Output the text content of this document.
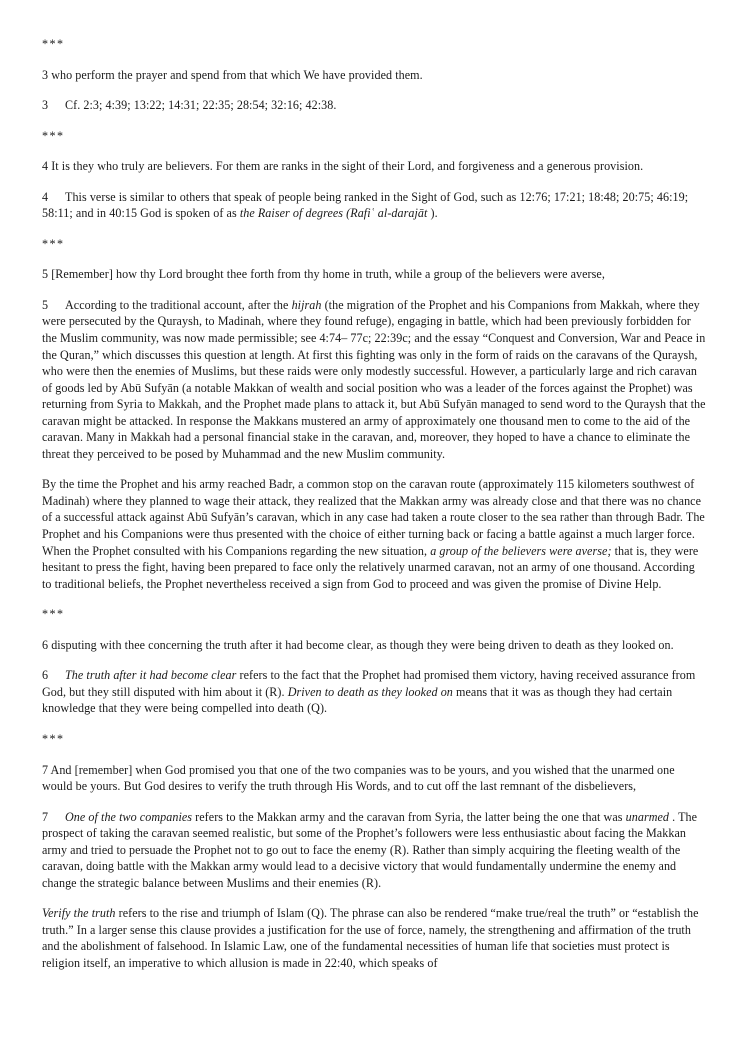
***
3 who perform the prayer and spend from that which We have provided them.
3 Cf. 2:3; 4:39; 13:22; 14:31; 22:35; 28:54; 32:16; 42:38.
***
4 It is they who truly are believers. For them are ranks in the sight of their Lord, and forgiveness and a generous provision.
4 This verse is similar to others that speak of people being ranked in the Sight of God, such as 12:76; 17:21; 18:48; 20:75; 46:19; 58:11; and in 40:15 God is spoken of as the Raiser of degrees (Rafiʿ al-darajāt ).
***
5 [Remember] how thy Lord brought thee forth from thy home in truth, while a group of the believers were averse,
5 According to the traditional account, after the hijrah (the migration of the Prophet and his Companions from Makkah, where they were persecuted by the Quraysh, to Madinah, where they found refuge), engaging in battle, which had been previously forbidden for the Muslim community, was now made permissible; see 4:74– 77c; 22:39c; and the essay “Conquest and Conversion, War and Peace in the Quran,” which discusses this question at length. At first this fighting was only in the form of raids on the caravans of the Quraysh, who were then the enemies of Muslims, but these raids were only modestly successful. However, a particularly large and rich caravan of goods led by Abū Sufyān (a notable Makkan of wealth and social position who was a leader of the forces against the Prophet) was returning from Syria to Makkah, and the Prophet made plans to attack it, but Abū Sufyān managed to send word to the Quraysh that the caravan might be attacked. In response the Makkans mustered an army of approximately one thousand men to come to the aid of the caravan. Many in Makkah had a personal financial stake in the caravan, and, moreover, they hoped to have a chance to eliminate the threat they perceived to be posed by Muhammad and the new Muslim community.
By the time the Prophet and his army reached Badr, a common stop on the caravan route (approximately 115 kilometers southwest of Madinah) where they planned to wage their attack, they realized that the Makkan army was already close and that there was no chance of a successful attack against Abū Sufyān’s caravan, which in any case had taken a route closer to the sea rather than through Badr. The Prophet and his Companions were thus presented with the choice of either turning back or facing a battle against a much larger force. When the Prophet consulted with his Companions regarding the new situation, a group of the believers were averse; that is, they were hesitant to press the fight, having been prepared to face only the relatively unarmed caravan, not an army of one thousand. According to traditional beliefs, the Prophet nevertheless received a sign from God to proceed and was given the promise of Divine Help.
***
6 disputing with thee concerning the truth after it had become clear, as though they were being driven to death as they looked on.
6 The truth after it had become clear refers to the fact that the Prophet had promised them victory, having received assurance from God, but they still disputed with him about it (R). Driven to death as they looked on means that it was as though they had certain knowledge that they were being compelled into death (Q).
***
7 And [remember] when God promised you that one of the two companies was to be yours, and you wished that the unarmed one would be yours. But God desires to verify the truth through His Words, and to cut off the last remnant of the disbelievers,
7 One of the two companies refers to the Makkan army and the caravan from Syria, the latter being the one that was unarmed . The prospect of taking the caravan seemed realistic, but some of the Prophet’s followers were less enthusiastic about facing the Makkan army and tried to persuade the Prophet not to go out to face the enemy (R). Rather than simply acquiring the fleeting wealth of the caravan, doing battle with the Makkan army would lead to a decisive victory that would fundamentally undermine the enemy and change the strategic balance between Muslims and their enemies (R).
Verify the truth refers to the rise and triumph of Islam (Q). The phrase can also be rendered “make true/real the truth” or “establish the truth.” In a larger sense this clause provides a justification for the use of force, namely, the strengthening and affirmation of the truth and the abolishment of falsehood. In Islamic Law, one of the fundamental necessities of human life that societies must protect is religion itself, an imperative to which allusion is made in 22:40, which speaks of
